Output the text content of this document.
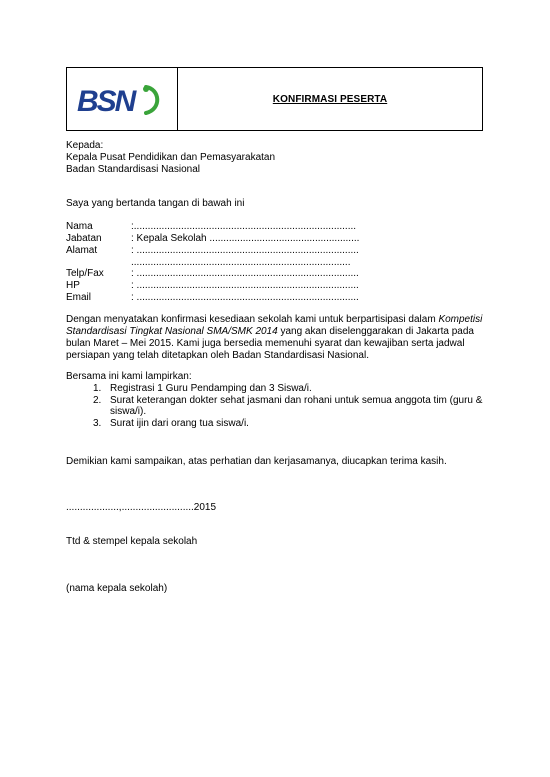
BSN	KONFIRMASI PESERTA
Kepada:
Kepala Pusat Pendidikan dan Pemasyarakatan
Badan Standardisasi Nasional
Saya yang bertanda tangan di bawah ini
Nama	:................................................................................
Jabatan	: Kepala Sekolah ......................................................
Alamat	: ................................................................................
...............................................................................
Telp/Fax	: ................................................................................
HP	: ................................................................................
Email	: ................................................................................
Dengan menyatakan konfirmasi kesediaan sekolah kami untuk berpartisipasi dalam Kompetisi Standardisasi Tingkat Nasional SMA/SMK 2014 yang akan diselenggarakan di Jakarta pada bulan Maret – Mei 2015. Kami juga bersedia memenuhi syarat dan kewajiban serta jadwal persiapan yang telah ditetapkan oleh Badan Standardisasi Nasional.
Bersama ini kami lampirkan:
1. Registrasi 1 Guru Pendamping dan 3 Siswa/i.
2. Surat keterangan dokter sehat jasmani dan rohani untuk semua anggota tim (guru & siswa/i).
3. Surat ijin dari orang tua siswa/i.
Demikian kami sampaikan, atas perhatian dan kerjasamanya, diucapkan terima kasih.
...................,..........................2015
Ttd & stempel kepala sekolah
(nama kepala sekolah)
